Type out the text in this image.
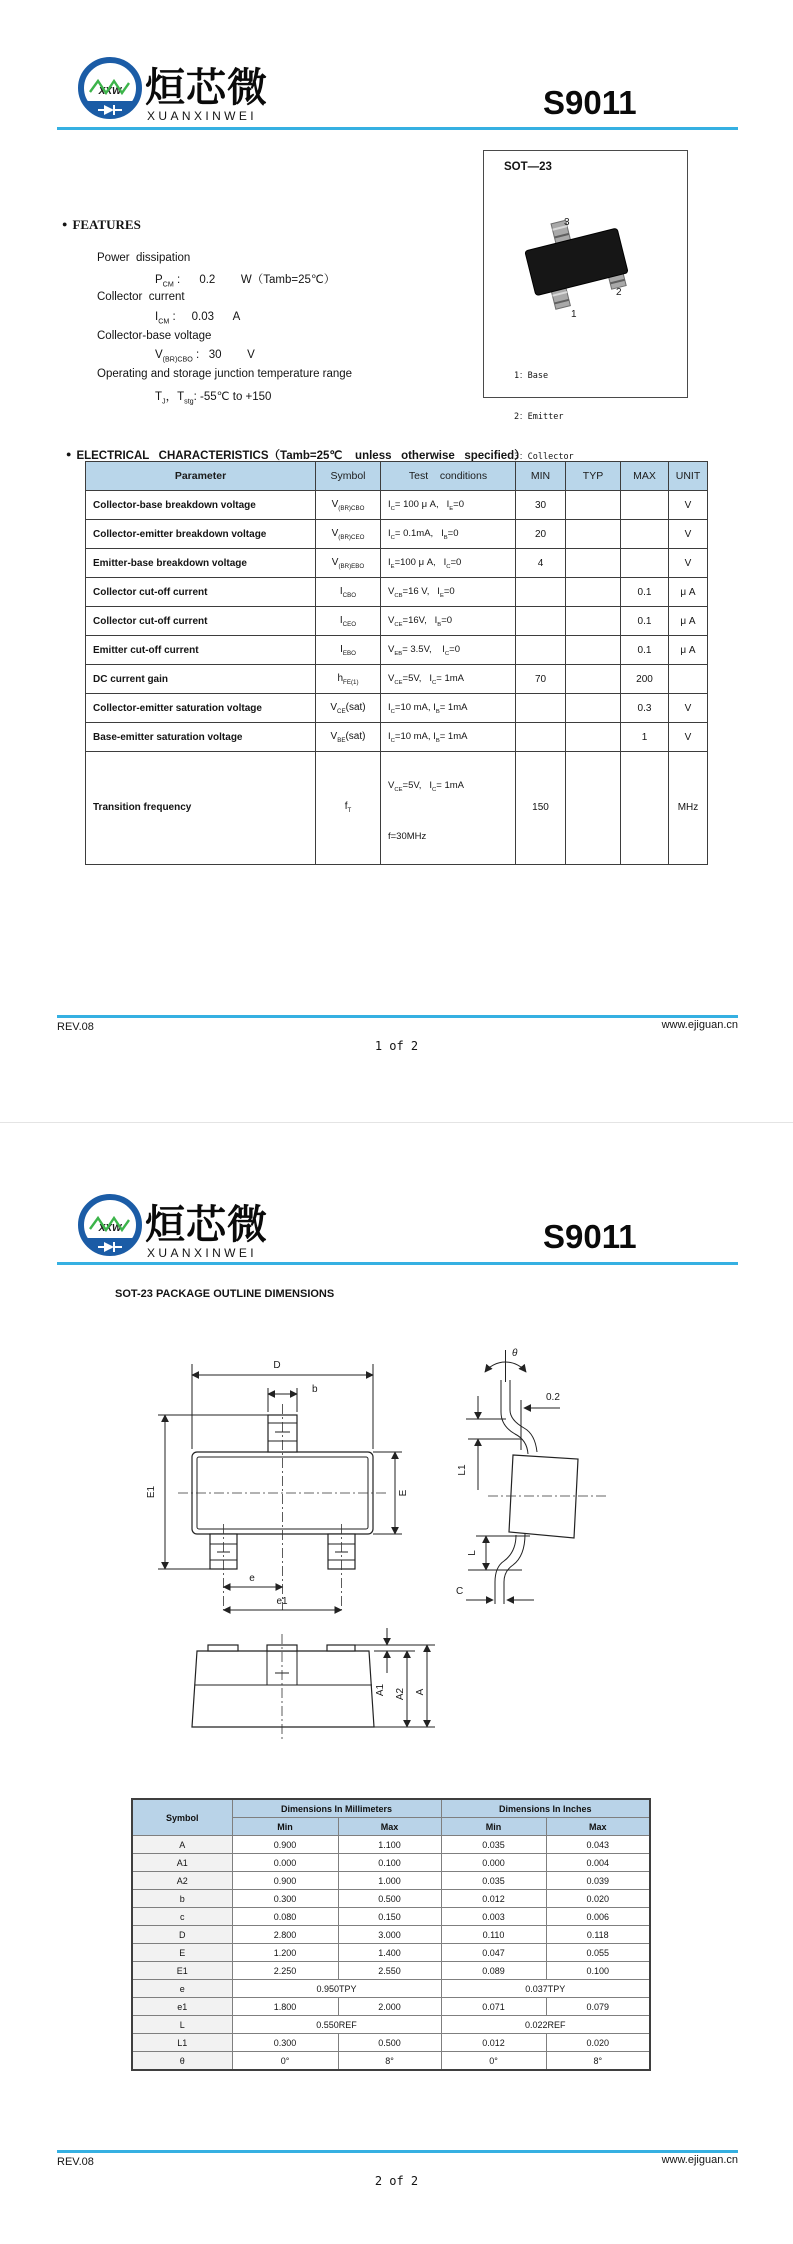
XXW 烜芯微
XUANXINWEI	S9011
● FEATURES
Power  dissipation
$P_{CM}$ :      0.2        W（Tamb=25℃）
Collector  current
$I_{CM}$ :     0.03      A
Collector-base voltage
$V_{(BR)CBO}$ :   30        V
Operating and storage junction temperature range
$T_J$，$T_{stg}$: -55℃ to +150
SOT—23
3
2
1

1：Base

2：Emitter

3：Collector

● ELECTRICAL   CHARACTERISTICS（Tamb=25℃    unless   otherwise   specified）
Parameter	Symbol	Test    conditions	MIN	TYP	MAX	UNIT
Collector-base breakdown voltage	$V_{(BR)CBO}$	$I_C= 100$ μ A,   $I_E=0$	30			V
Collector-emitter breakdown voltage	$V_{(BR)CEO}$	$I_C= 0.1mA$,   $I_B=0$	20			V
Emitter-base breakdown voltage	$V_{(BR)EBO}$	$I_E=100$ μ A,   $I_C=0$	4			V
Collector cut-off current	$I_{CBO}$	$V_{CB}=16$ V,   $I_E=0$			0.1	μ A
Collector cut-off current	$I_{CEO}$	$V_{CE}=16V$,   $I_B=0$			0.1	μ A
Emitter cut-off current	$I_{EBO}$	$V_{EB}= 3.5V$,    $I_C=0$			0.1	μ A
DC current gain	$h_{FE(1)}$	$V_{CE}=5V$,   $I_C= 1mA$	70		200	
Collector-emitter saturation voltage	$V_{CE}(sat)$	$I_C=10$ mA, $I_B= 1mA$			0.3	V
Base-emitter saturation voltage	$V_{BE}(sat)$	$I_C=10$ mA, $I_B= 1mA$			1	V
Transition frequency	$f_T$	$V_{CE}=5V$,   $I_C= 1mA$

f=30MHz	150			MHz
REV.08	www.ejiguan.cn
1 of 2
XXW 烜芯微
XUANXINWEI	S9011
SOT-23 PACKAGE OUTLINE DIMENSIONS
D
b
E1	E
e
e1
θ
0.2
L1
L
C
A1 A2 A
Symbol	Dimensions In Millimeters		Dimensions In Inches	
	Min	Max	Min	Max
A	0.900	1.100	0.035	0.043
A1	0.000	0.100	0.000	0.004
A2	0.900	1.000	0.035	0.039
b	0.300	0.500	0.012	0.020
c	0.080	0.150	0.003	0.006
D	2.800	3.000	0.110	0.118
E	1.200	1.400	0.047	0.055
E1	2.250	2.550	0.089	0.100
e	0.950TPY		0.037TPY	
e1	1.800	2.000	0.071	0.079
L	0.550REF		0.022REF	
L1	0.300	0.500	0.012	0.020
θ	0°	8°	0°	8°
REV.08	www.ejiguan.cn
2 of 2
